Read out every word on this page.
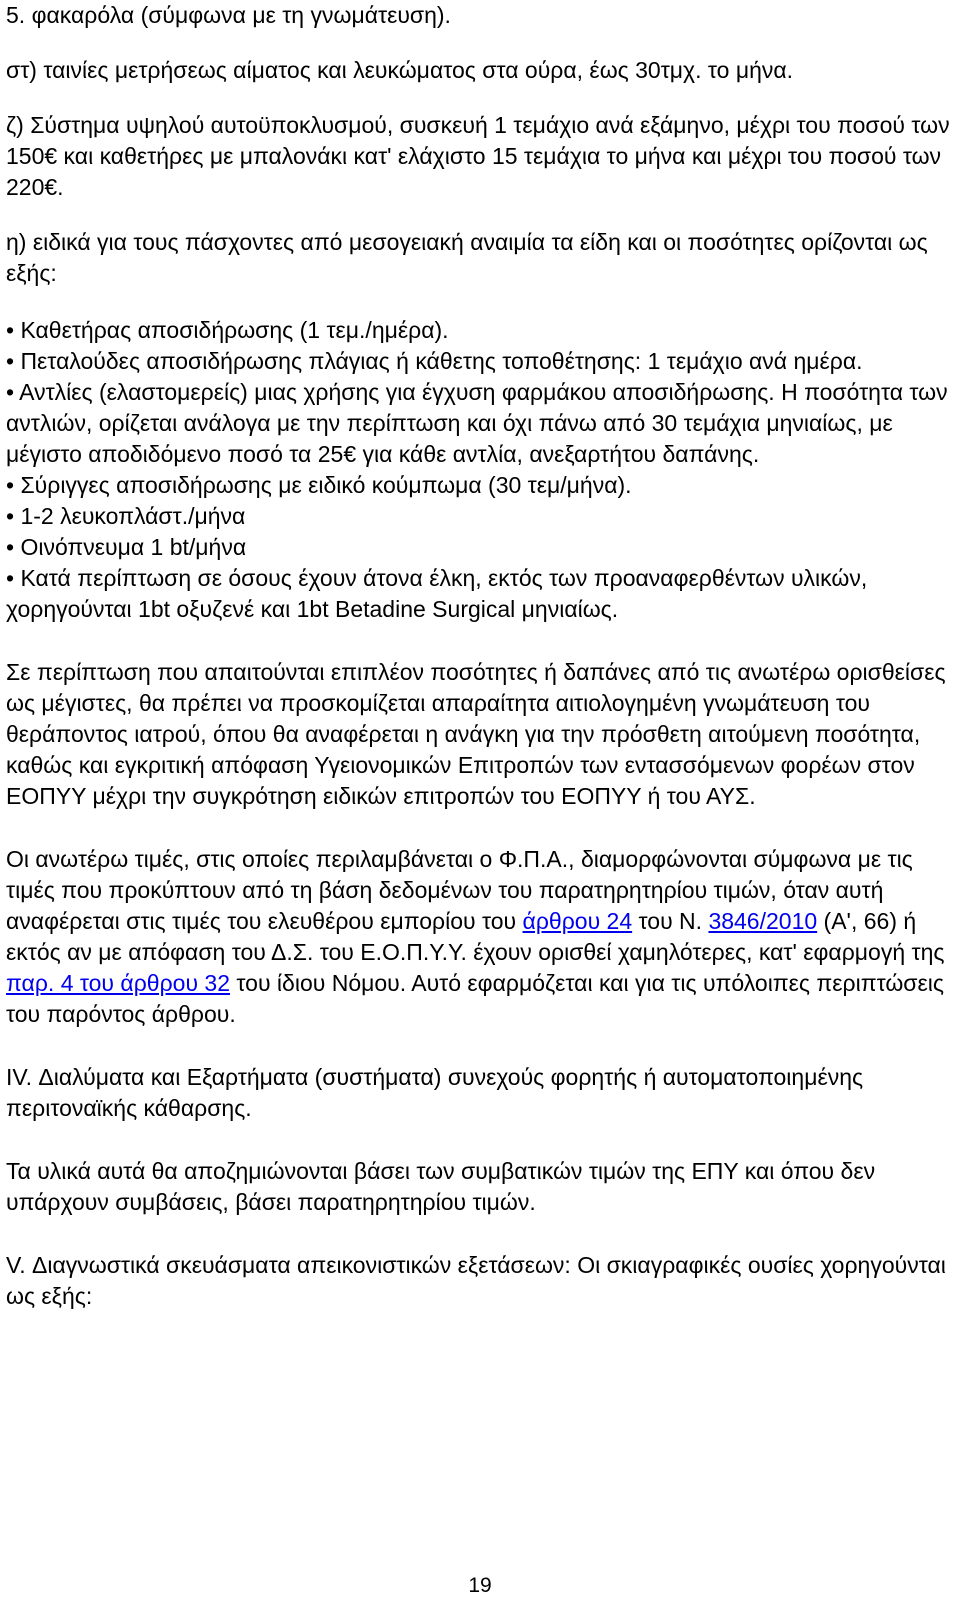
5. φακαρόλα (σύμφωνα με τη γνωμάτευση).

στ) ταινίες μετρήσεως αίματος και λευκώματος στα ούρα, έως 30τμχ. το μήνα.

ζ) Σύστημα υψηλού αυτοϋποκλυσμού, συσκευή 1 τεμάχιο ανά εξάμηνο, μέχρι του ποσού των 150€ και καθετήρες με μπαλονάκι κατ' ελάχιστο 15 τεμάχια το μήνα και μέχρι του ποσού των 220€.

η) ειδικά για τους πάσχοντες από μεσογειακή αναιμία τα είδη και οι ποσότητες ορίζονται ως εξής:

• Καθετήρας αποσιδήρωσης (1 τεμ./ημέρα).

• Πεταλούδες αποσιδήρωσης πλάγιας ή κάθετης τοποθέτησης: 1 τεμάχιο ανά ημέρα.

• Αντλίες (ελαστομερείς) μιας χρήσης για έγχυση φαρμάκου αποσιδήρωσης. Η ποσότητα των αντλιών, ορίζεται ανάλογα με την περίπτωση και όχι πάνω από 30 τεμάχια μηνιαίως, με μέγιστο αποδιδόμενο ποσό τα 25€ για κάθε αντλία, ανεξαρτήτου δαπάνης.

• Σύριγγες αποσιδήρωσης με ειδικό κούμπωμα (30 τεμ/μήνα).

• 1-2 λευκοπλάστ./μήνα

• Οινόπνευμα 1 bt/μήνα

• Κατά περίπτωση σε όσους έχουν άτονα έλκη, εκτός των προαναφερθέντων υλικών, χορηγούνται 1bt οξυζενέ και 1bt Betadine Surgical μηνιαίως.

Σε περίπτωση που απαιτούνται επιπλέον ποσότητες ή δαπάνες από τις ανωτέρω ορισθείσες ως μέγιστες, θα πρέπει να προσκομίζεται απαραίτητα αιτιολογημένη γνωμάτευση του θεράποντος ιατρού, όπου θα αναφέρεται η ανάγκη για την πρόσθετη αιτούμενη ποσότητα, καθώς και εγκριτική απόφαση Υγειονομικών Επιτροπών των εντασσόμενων φορέων στον ΕΟΠΥΥ μέχρι την συγκρότηση ειδικών επιτροπών του ΕΟΠΥΥ ή του ΑΥΣ.

Οι ανωτέρω τιμές, στις οποίες περιλαμβάνεται ο Φ.Π.Α., διαμορφώνονται σύμφωνα με τις τιμές που προκύπτουν από τη βάση δεδομένων του παρατηρητηρίου τιμών, όταν αυτή αναφέρεται στις τιμές του ελευθέρου εμπορίου του άρθρου 24 του Ν. 3846/2010 (Α', 66) ή εκτός αν με απόφαση του Δ.Σ. του Ε.Ο.Π.Υ.Υ. έχουν ορισθεί χαμηλότερες, κατ' εφαρμογή της παρ. 4 του άρθρου 32 του ίδιου Νόμου. Αυτό εφαρμόζεται και για τις υπόλοιπες περιπτώσεις του παρόντος άρθρου.

IV. Διαλύματα και Εξαρτήματα (συστήματα) συνεχούς φορητής ή αυτοματοποιημένης περιτοναϊκής κάθαρσης.

Τα υλικά αυτά θα αποζημιώνονται βάσει των συμβατικών τιμών της ΕΠΥ και όπου δεν υπάρχουν συμβάσεις, βάσει παρατηρητηρίου τιμών.

V. Διαγνωστικά σκευάσματα απεικονιστικών εξετάσεων: Οι σκιαγραφικές ουσίες χορηγούνται ως εξής:

19
